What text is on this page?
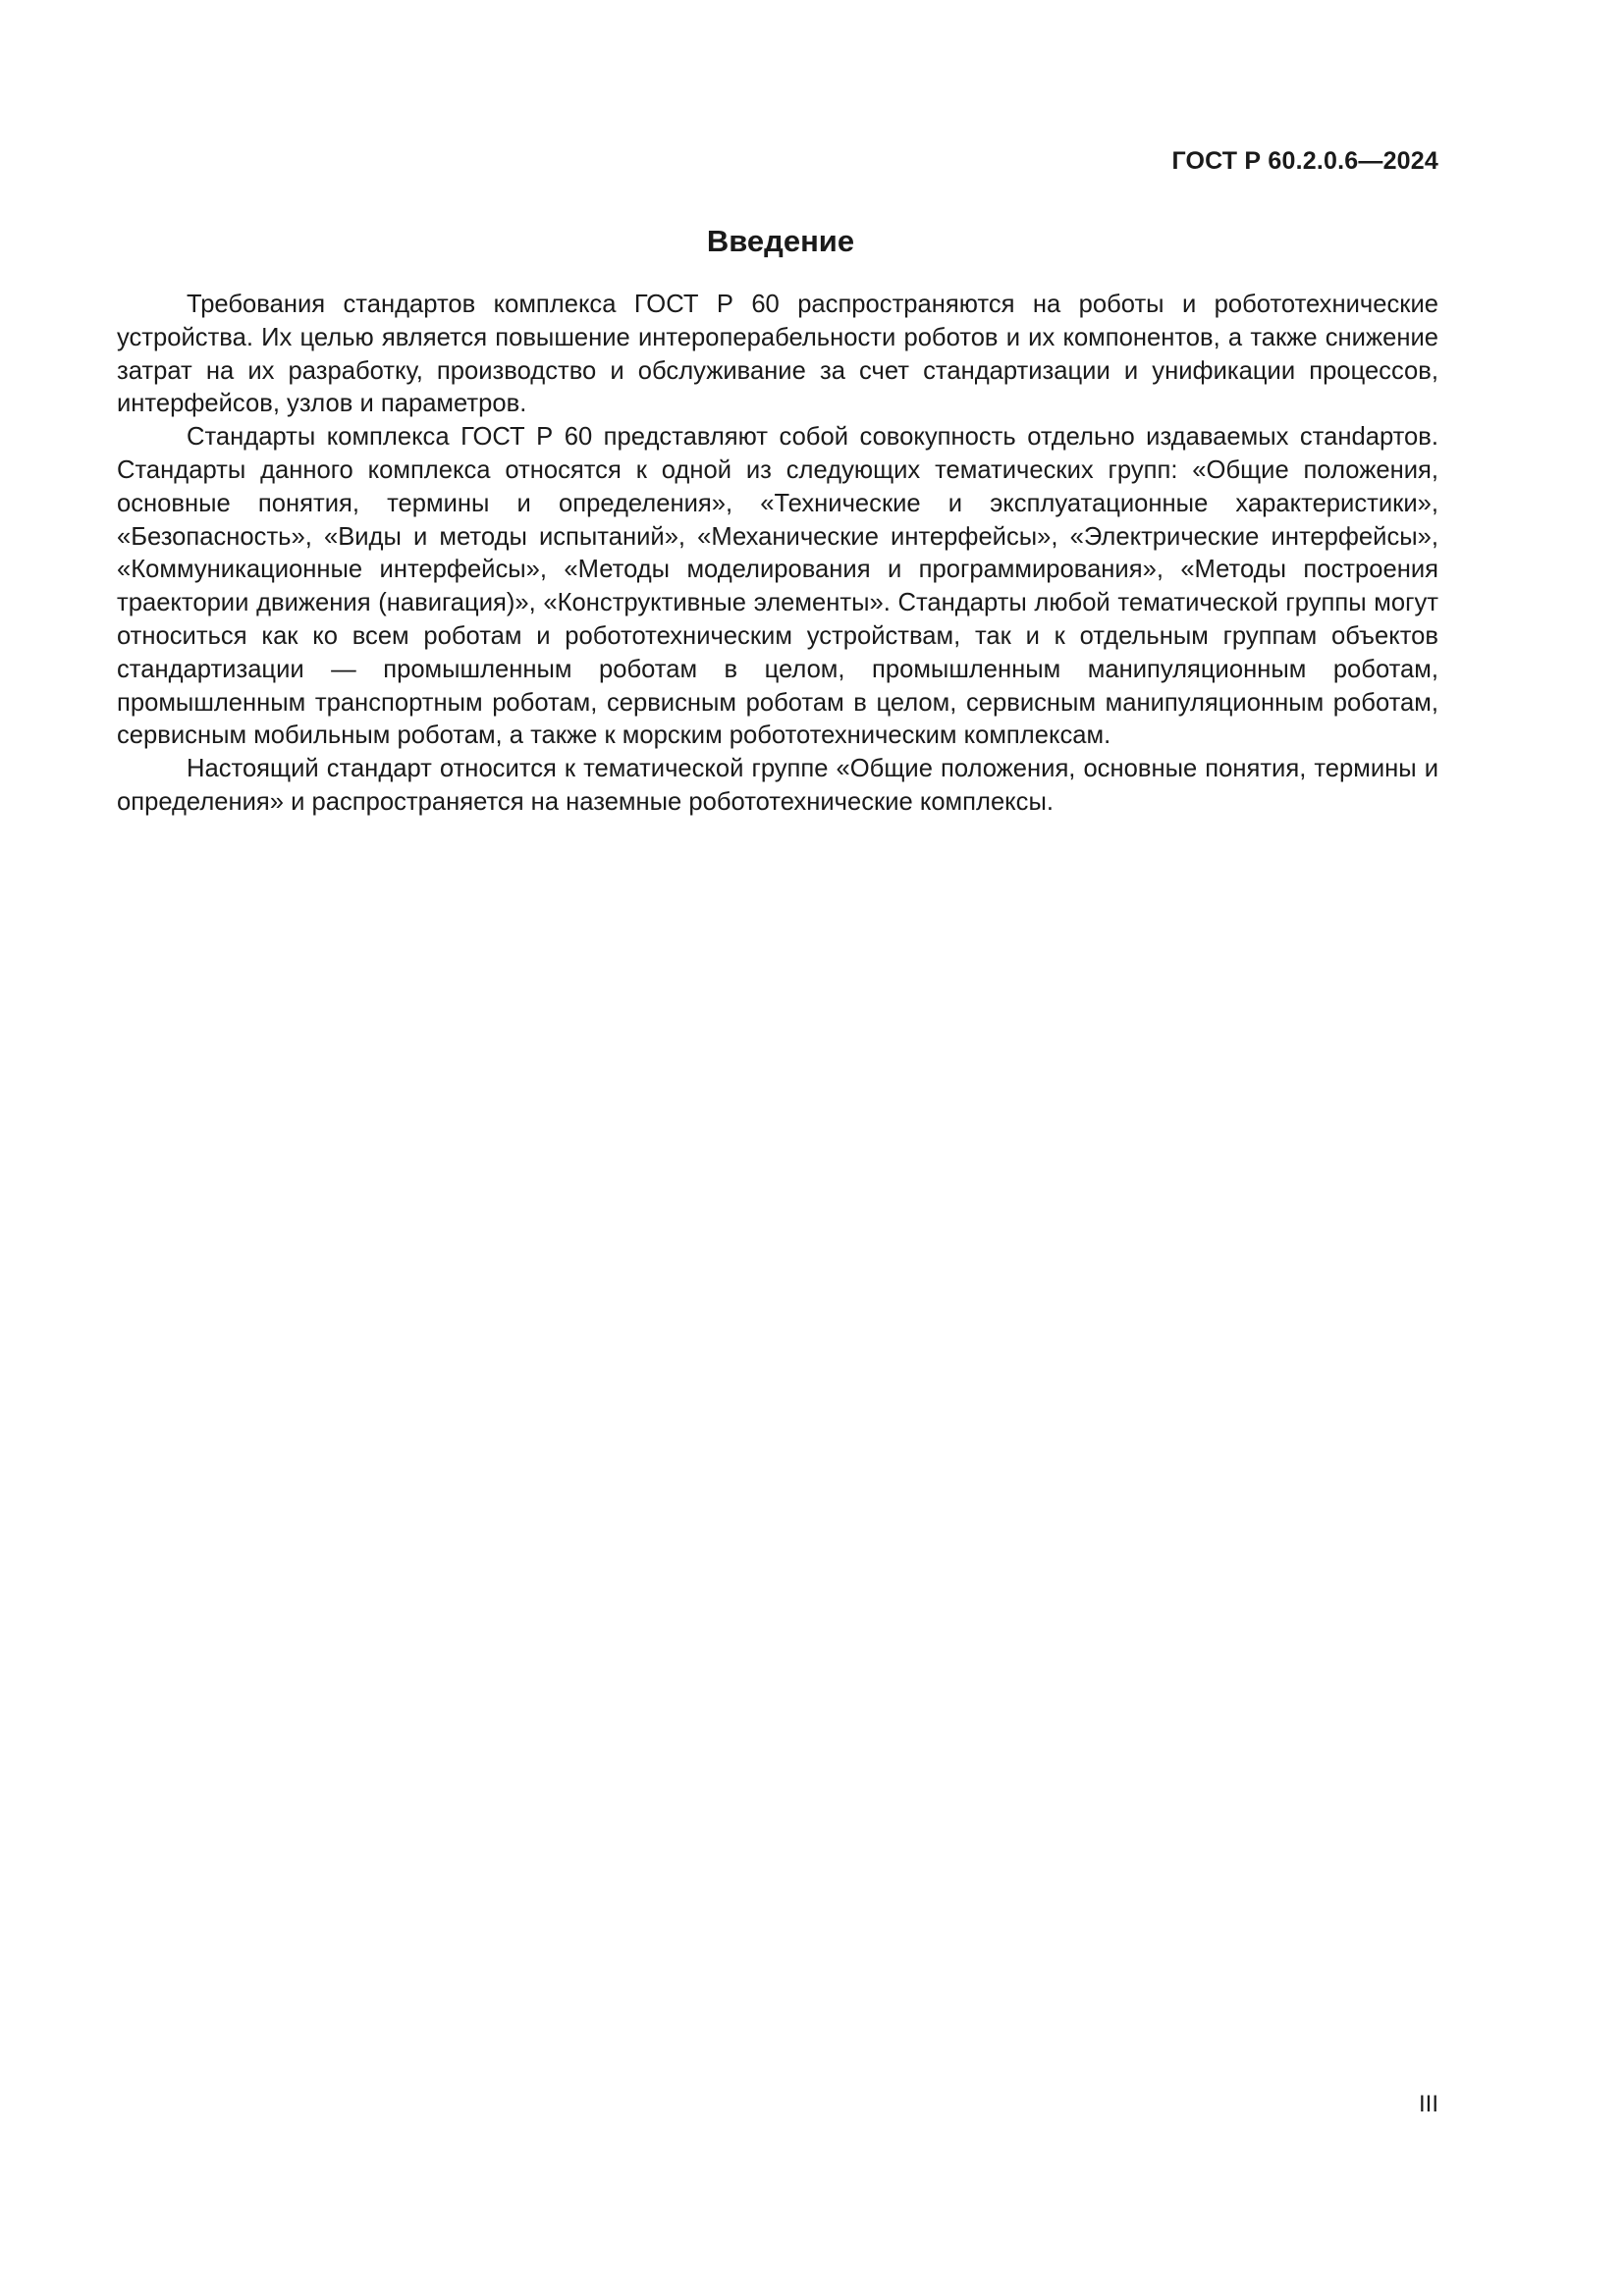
ГОСТ Р 60.2.0.6—2024
Введение

Требования стандартов комплекса ГОСТ Р 60 распространяются на роботы и робототехнические устройства. Их целью является повышение интероперабельности роботов и их компонентов, а также снижение затрат на их разработку, производство и обслуживание за счет стандартизации и унификации процессов, интерфейсов, узлов и параметров.

Стандарты комплекса ГОСТ Р 60 представляют собой совокупность отдельно издаваемых станdартов. Стандарты данного комплекса относятся к одной из следующих тематических групп: «Общие положения, основные понятия, термины и определения», «Технические и эксплуатационные характеристики», «Безопасность», «Виды и методы испытаний», «Механические интерфейсы», «Электрические интерфейсы», «Коммуникационные интерфейсы», «Методы моделирования и программирования», «Методы построения траектории движения (навигация)», «Конструктивные элементы». Стандарты любой тематической группы могут относиться как ко всем роботам и робототехническим устройствам, так и к отдельным группам объектов стандартизации — промышленным роботам в целом, промышленным манипуляционным роботам, промышленным транспортным роботам, сервисным роботам в целом, сервисным манипуляционным роботам, сервисным мобильным роботам, а также к морским робототехническим комплексам.

Настоящий стандарт относится к тематической группе «Общие положения, основные понятия, термины и определения» и распространяется на наземные робототехнические комплексы.

III
